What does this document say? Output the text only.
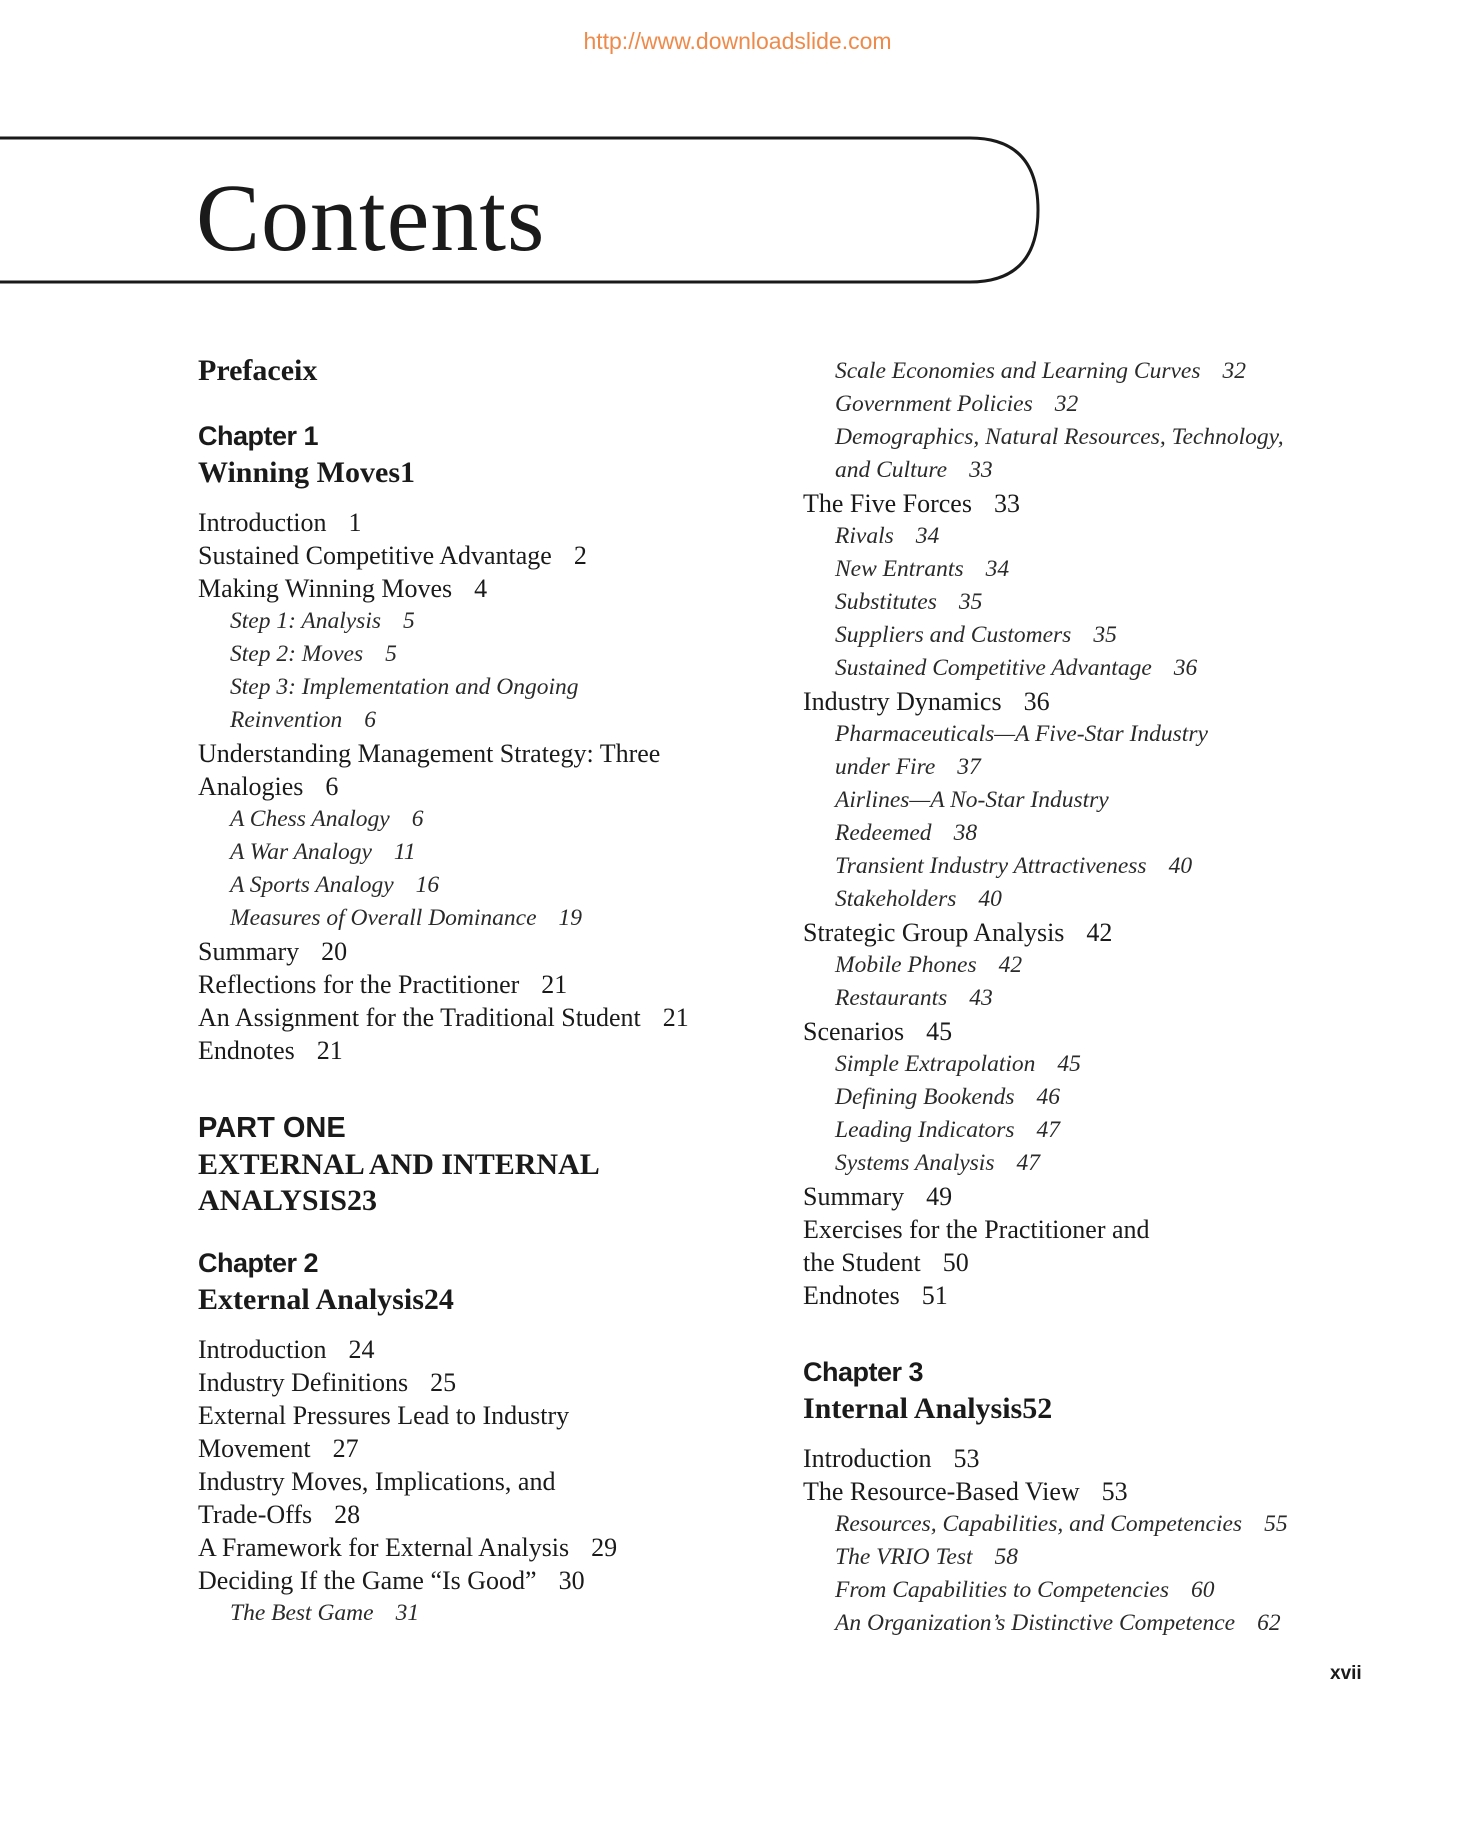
http://www.downloadslide.com
Contents
Prefaceix
Chapter 1
Winning Moves1
Introduction 1
Sustained Competitive Advantage 2
Making Winning Moves 4
Step 1: Analysis 5
Step 2: Moves 5
Step 3: Implementation and Ongoing
Reinvention 6
Understanding Management Strategy: Three
Analogies 6
A Chess Analogy 6
A War Analogy 11
A Sports Analogy 16
Measures of Overall Dominance 19
Summary 20
Reflections for the Practitioner 21
An Assignment for the Traditional Student 21
Endnotes 21
PART ONE
EXTERNAL AND INTERNAL
ANALYSIS23
Chapter 2
External Analysis24
Introduction 24
Industry Definitions 25
External Pressures Lead to Industry
Movement 27
Industry Moves, Implications, and
Trade-Offs 28
A Framework for External Analysis 29
Deciding If the Game “Is Good” 30
The Best Game 31
Scale Economies and Learning Curves 32
Government Policies 32
Demographics, Natural Resources, Technology,
and Culture 33
The Five Forces 33
Rivals 34
New Entrants 34
Substitutes 35
Suppliers and Customers 35
Sustained Competitive Advantage 36
Industry Dynamics 36
Pharmaceuticals—A Five-Star Industry
under Fire 37
Airlines—A No-Star Industry
Redeemed 38
Transient Industry Attractiveness 40
Stakeholders 40
Strategic Group Analysis 42
Mobile Phones 42
Restaurants 43
Scenarios 45
Simple Extrapolation 45
Defining Bookends 46
Leading Indicators 47
Systems Analysis 47
Summary 49
Exercises for the Practitioner and
the Student 50
Endnotes 51
Chapter 3
Internal Analysis52
Introduction 53
The Resource-Based View 53
Resources, Capabilities, and Competencies 55
The VRIO Test 58
From Capabilities to Competencies 60
An Organization’s Distinctive Competence 62
xvii
